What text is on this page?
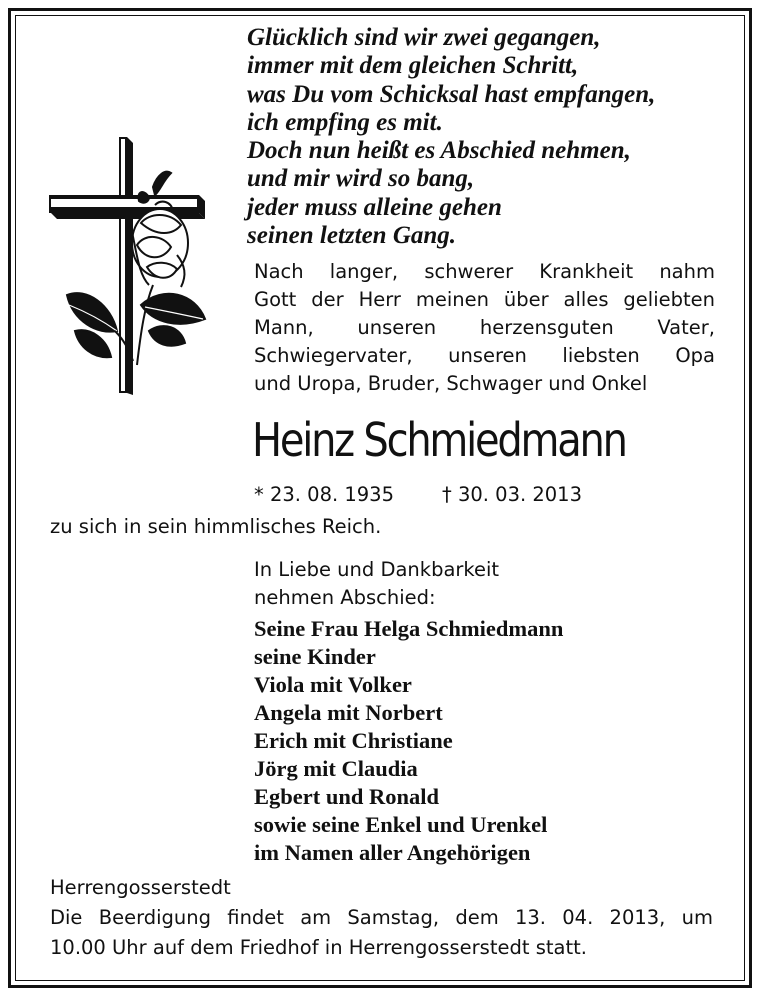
Glücklich sind wir zwei gegangen,
immer mit dem gleichen Schritt,
was Du vom Schicksal hast empfangen,
ich empfing es mit.
Doch nun heißt es Abschied nehmen,
und mir wird so bang,
jeder muss alleine gehen
seinen letzten Gang.
Nach langer, schwerer Krankheit nahm
Gott der Herr meinen über alles geliebten
Mann, unseren herzensguten Vater,
Schwiegervater, unseren liebsten Opa
und Uropa, Bruder, Schwager und Onkel
Heinz Schmiedmann
* 23. 08. 1935 † 30. 03. 2013
zu sich in sein himmlisches Reich.
In Liebe und Dankbarkeit
nehmen Abschied:
Seine Frau Helga Schmiedmann
seine Kinder
Viola mit Volker
Angela mit Norbert
Erich mit Christiane
Jörg mit Claudia
Egbert und Ronald
sowie seine Enkel und Urenkel
im Namen aller Angehörigen
Herrengosserstedt
Die Beerdigung findet am Samstag, dem 13. 04. 2013, um
10.00 Uhr auf dem Friedhof in Herrengosserstedt statt.
